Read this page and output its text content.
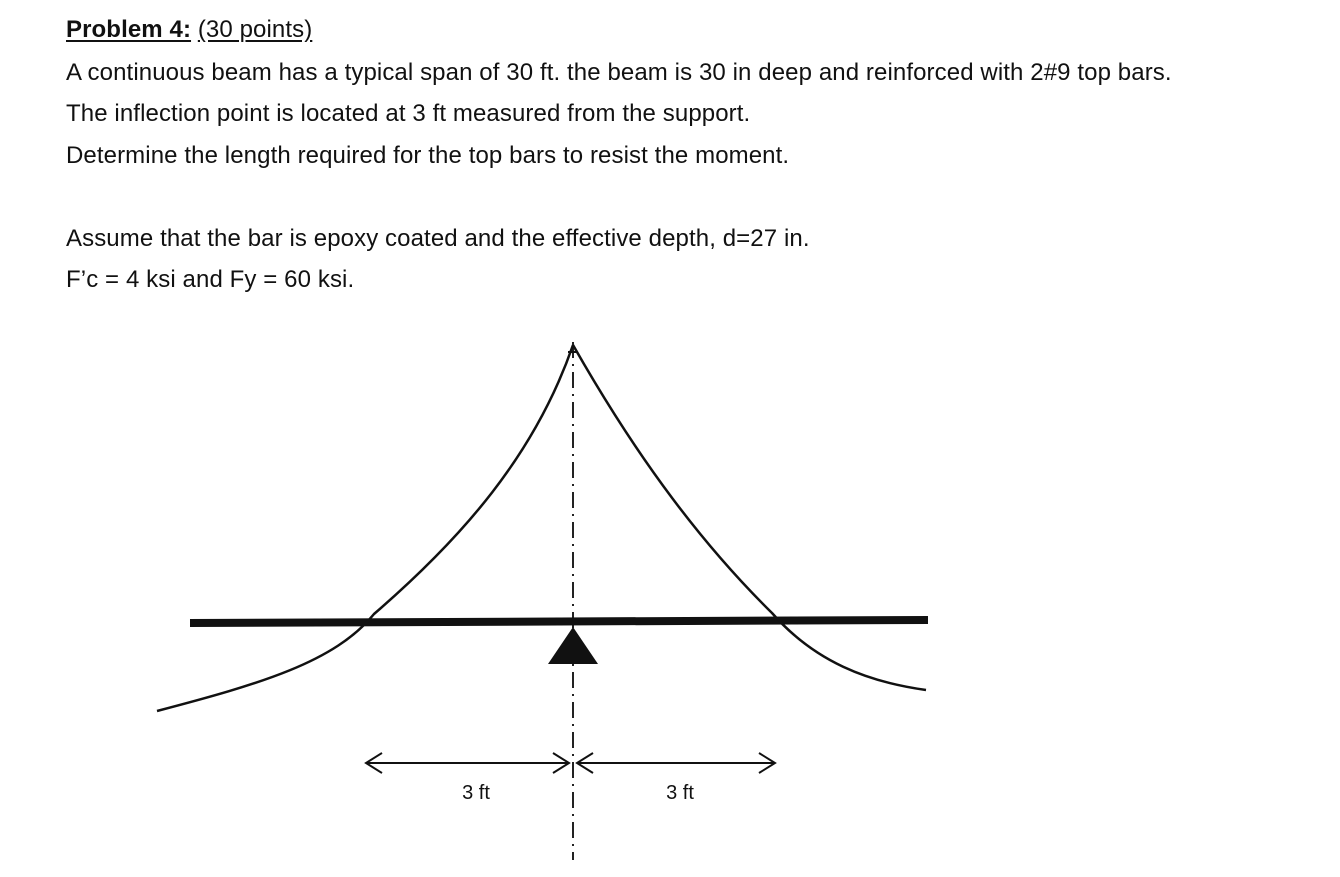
Problem 4: (30 points)
A continuous beam has a typical span of 30 ft. the beam is 30 in deep and reinforced with 2#9 top bars.
The inflection point is located at 3 ft measured from the support.
Determine the length required for the top bars to resist the moment.
Assume that the bar is epoxy coated and the effective depth, d=27 in.
F’c = 4 ksi and Fy = 60 ksi.
3 ft	3 ft
